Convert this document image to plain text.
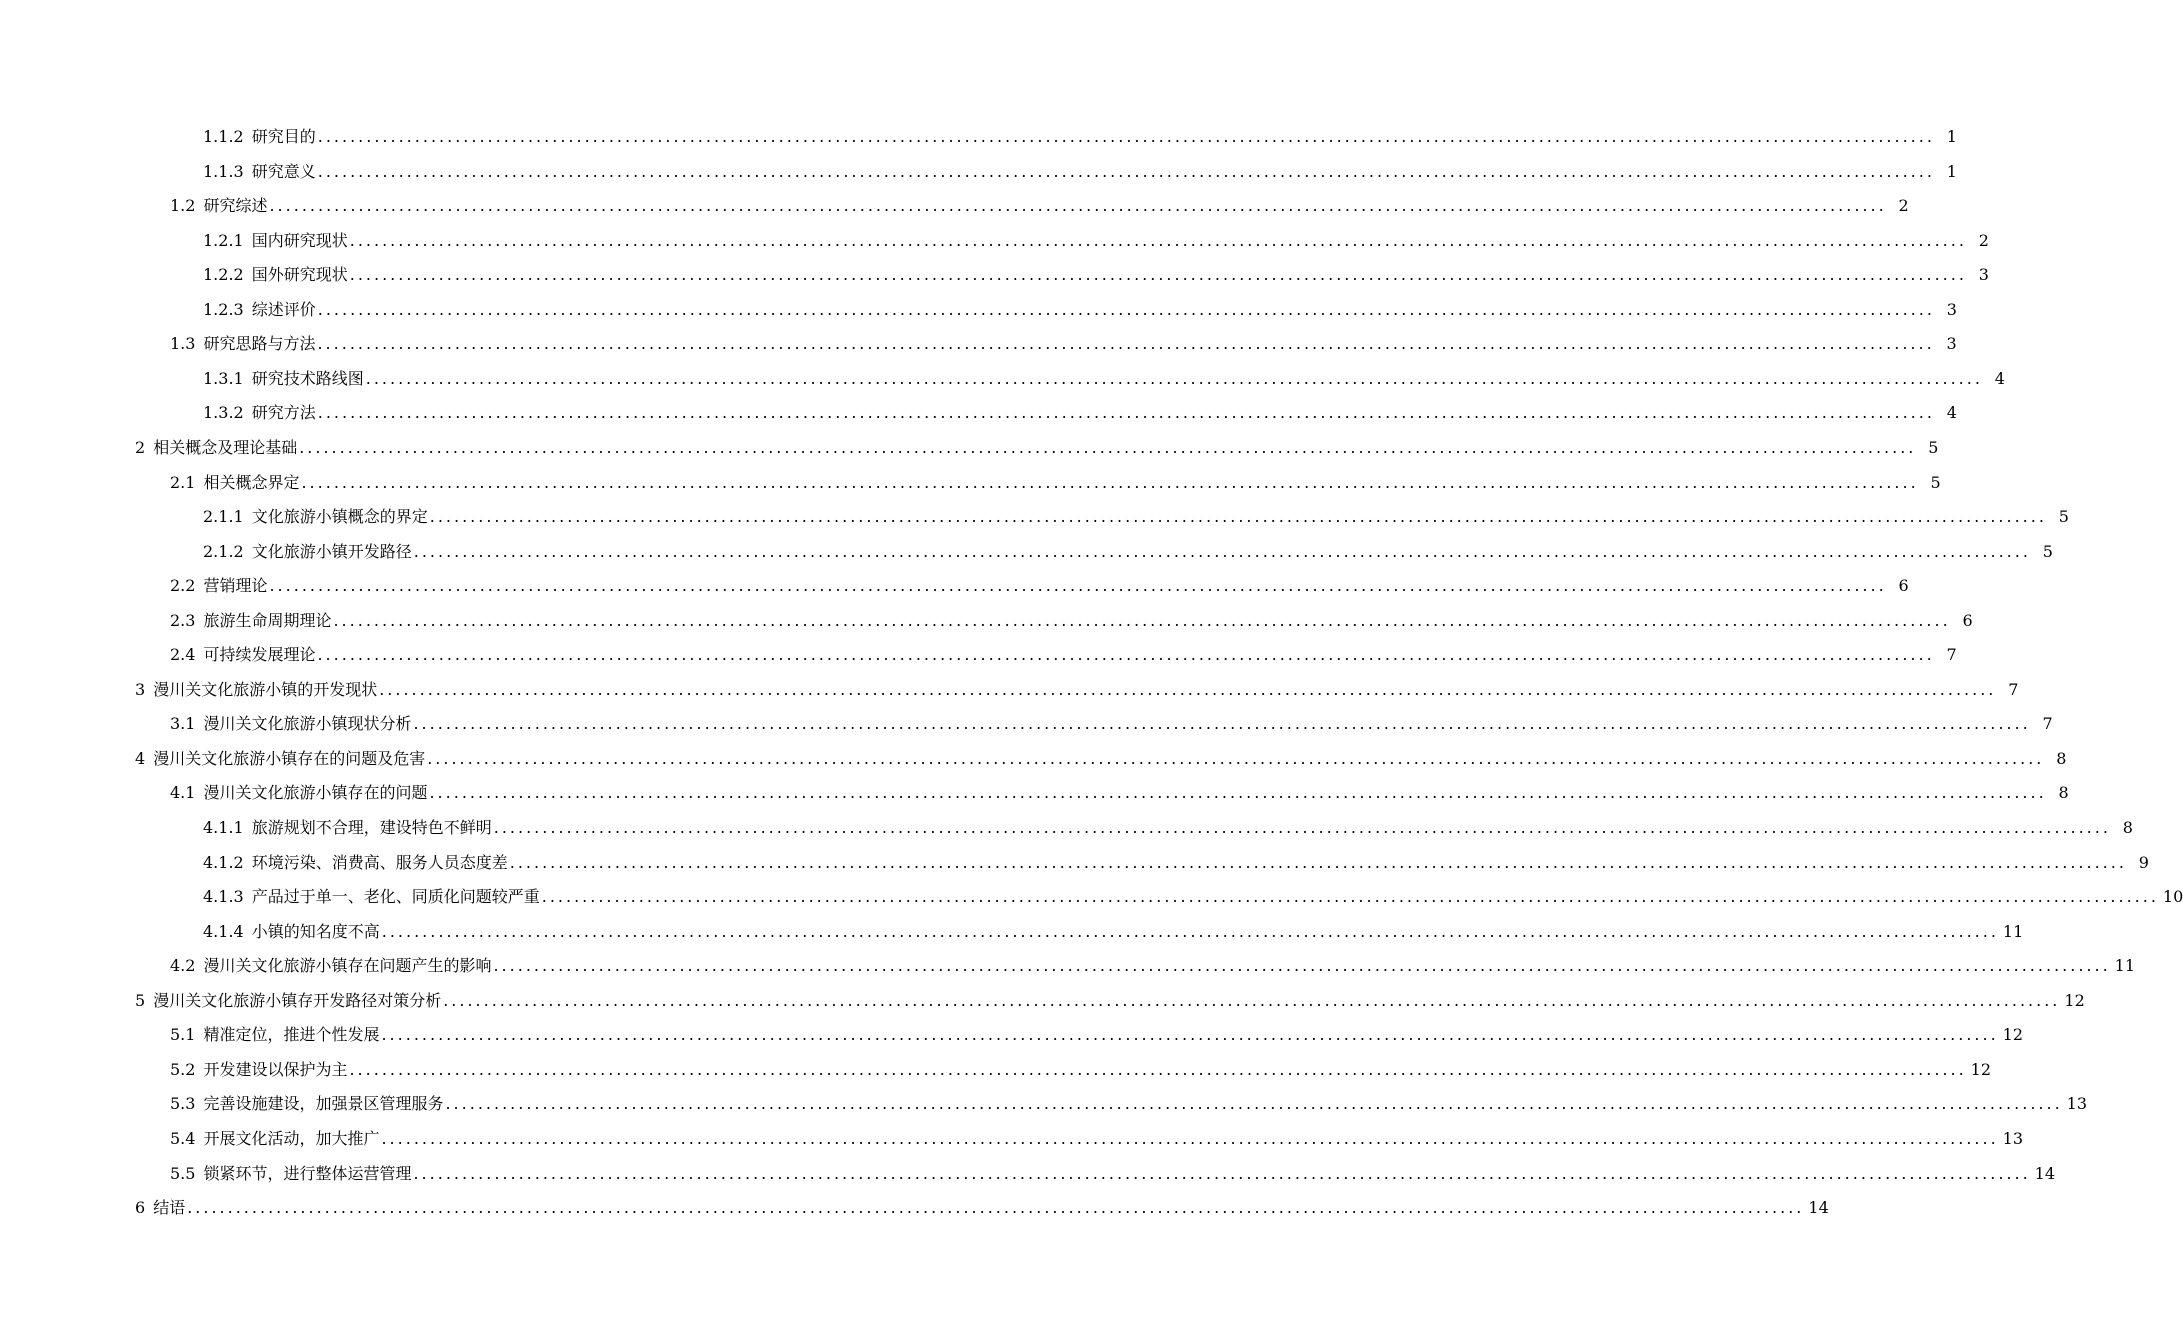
1.1.2 研究目的 ........................................................................................................................................................................................................ 1
1.1.3 研究意义 ........................................................................................................................................................................................................ 1
1.2 研究综述 ........................................................................................................................................................................................................ 2
1.2.1 国内研究现状 ........................................................................................................................................................................................................ 2
1.2.2 国外研究现状 ........................................................................................................................................................................................................ 3
1.2.3 综述评价 ........................................................................................................................................................................................................ 3
1.3 研究思路与方法 ........................................................................................................................................................................................................ 3
1.3.1 研究技术路线图 ........................................................................................................................................................................................................ 4
1.3.2 研究方法 ........................................................................................................................................................................................................ 4
2 相关概念及理论基础 ........................................................................................................................................................................................................ 5
2.1 相关概念界定 ........................................................................................................................................................................................................ 5
2.1.1 文化旅游小镇概念的界定 ........................................................................................................................................................................................................ 5
2.1.2 文化旅游小镇开发路径 ........................................................................................................................................................................................................ 5
2.2 营销理论 ........................................................................................................................................................................................................ 6
2.3 旅游生命周期理论 ........................................................................................................................................................................................................ 6
2.4 可持续发展理论 ........................................................................................................................................................................................................ 7
3 漫川关文化旅游小镇的开发现状 ........................................................................................................................................................................................................ 7
3.1 漫川关文化旅游小镇现状分析 ........................................................................................................................................................................................................ 7
4 漫川关文化旅游小镇存在的问题及危害 ........................................................................................................................................................................................................ 8
4.1 漫川关文化旅游小镇存在的问题 ........................................................................................................................................................................................................ 8
4.1.1 旅游规划不合理，建设特色不鲜明 ........................................................................................................................................................................................................ 8
4.1.2 环境污染、消费高、服务人员态度差 ........................................................................................................................................................................................................ 9
4.1.3 产品过于单一、老化、同质化问题较严重 ........................................................................................................................................................................................................ 10
4.1.4 小镇的知名度不高 ........................................................................................................................................................................................................ 11
4.2 漫川关文化旅游小镇存在问题产生的影响 ........................................................................................................................................................................................................ 11
5 漫川关文化旅游小镇存开发路径对策分析 ........................................................................................................................................................................................................ 12
5.1 精准定位，推进个性发展 ........................................................................................................................................................................................................ 12
5.2 开发建设以保护为主 ........................................................................................................................................................................................................ 12
5.3 完善设施建设，加强景区管理服务 ........................................................................................................................................................................................................ 13
5.4 开展文化活动，加大推广 ........................................................................................................................................................................................................ 13
5.5 锁紧环节，进行整体运营管理 ........................................................................................................................................................................................................ 14
6 结语 ........................................................................................................................................................................................................ 14
